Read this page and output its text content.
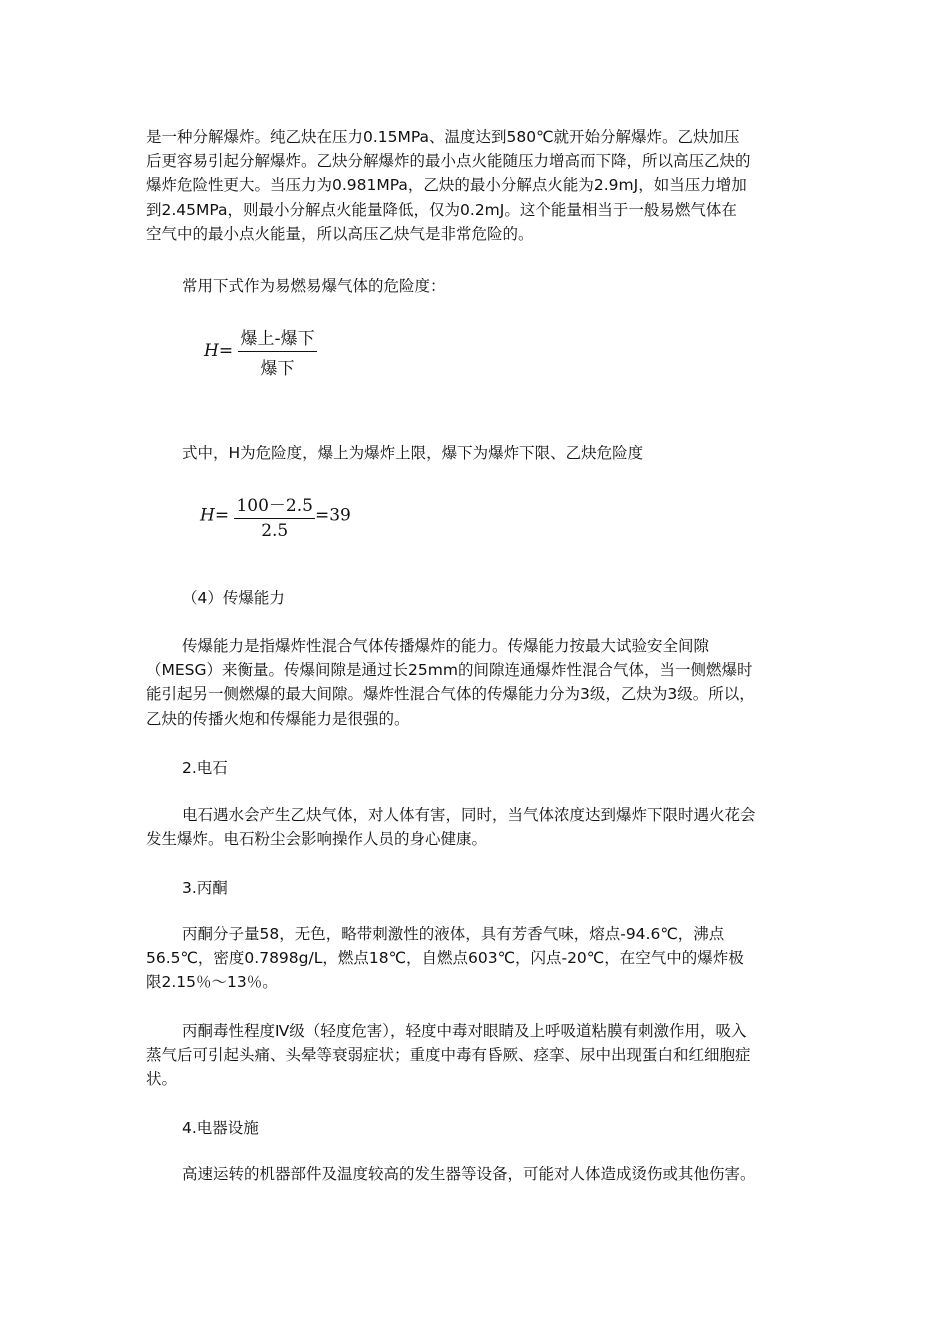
是一种分解爆炸。纯乙炔在压力0.15MPa、温度达到580℃就开始分解爆炸。乙炔加压
后更容易引起分解爆炸。乙炔分解爆炸的最小点火能随压力增高而下降，所以高压乙炔的
爆炸危险性更大。当压力为0.981MPa，乙炔的最小分解点火能为2.9mJ，如当压力增加
到2.45MPa，则最小分解点火能量降低，仅为0.2mJ。这个能量相当于一般易燃气体在
空气中的最小点火能量，所以高压乙炔气是非常危险的。
常用下式作为易燃易爆气体的危险度：
$H= \frac{\text{爆上-爆下}}{\text{爆下}}$
式中，H为危险度，爆上为爆炸上限，爆下为爆炸下限、乙炔危险度
$H= \frac{100-2.5}{2.5} =39$
（4）传爆能力
传爆能力是指爆炸性混合气体传播爆炸的能力。传爆能力按最大试验安全间隙
（MESG）来衡量。传爆间隙是通过长25mm的间隙连通爆炸性混合气体，当一侧燃爆时
能引起另一侧燃爆的最大间隙。爆炸性混合气体的传爆能力分为3级，乙炔为3级。所以，
乙炔的传播火炮和传爆能力是很强的。
2.电石
电石遇水会产生乙炔气体，对人体有害，同时，当气体浓度达到爆炸下限时遇火花会
发生爆炸。电石粉尘会影响操作人员的身心健康。
3.丙酮
丙酮分子量58，无色，略带刺激性的液体，具有芳香气味，熔点-94.6℃，沸点
56.5℃，密度0.7898g/L，燃点18℃，自燃点603℃，闪点-20℃，在空气中的爆炸极
限2.15％～13％。
丙酮毒性程度Ⅳ级（轻度危害），轻度中毒对眼睛及上呼吸道粘膜有刺激作用，吸入
蒸气后可引起头痛、头晕等衰弱症状；重度中毒有昏厥、痉挛、尿中出现蛋白和红细胞症
状。
4.电器设施
高速运转的机器部件及温度较高的发生器等设备，可能对人体造成烫伤或其他伤害。
